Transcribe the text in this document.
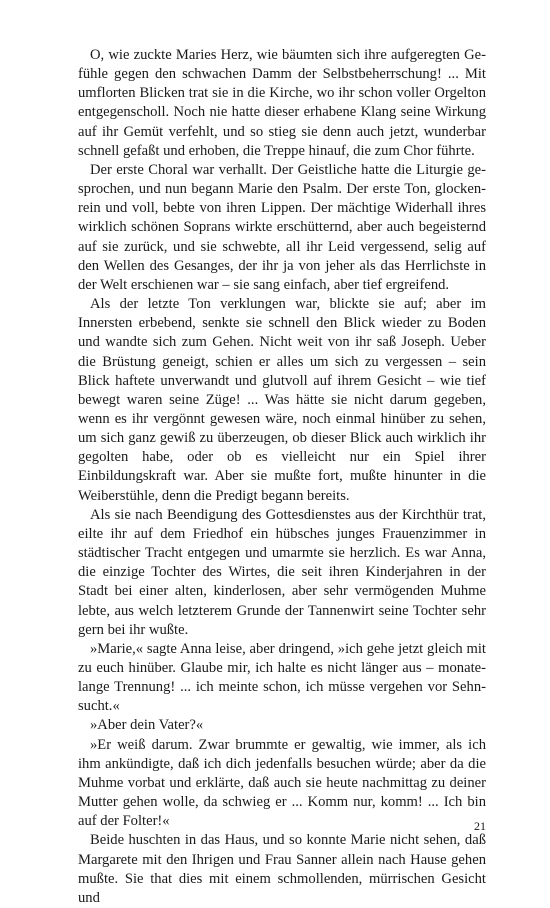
O, wie zuckte Maries Herz, wie bäumten sich ihre aufgeregten Gefühle gegen den schwachen Damm der Selbstbeherrschung! ... Mit umflorten Blicken trat sie in die Kirche, wo ihr schon voller Orgelton entgegenscholl. Noch nie hatte dieser erhabene Klang seine Wirkung auf ihr Gemüt verfehlt, und so stieg sie denn auch jetzt, wunderbar schnell gefaßt und erhoben, die Treppe hinauf, die zum Chor führte.

Der erste Choral war verhallt. Der Geistliche hatte die Liturgie gesprochen, und nun begann Marie den Psalm. Der erste Ton, glockenrein und voll, bebte von ihren Lippen. Der mächtige Widerhall ihres wirklich schönen Soprans wirkte erschütternd, aber auch begeisternd auf sie zurück, und sie schwebte, all ihr Leid vergessend, selig auf den Wellen des Gesanges, der ihr ja von jeher als das Herrlichste in der Welt erschienen war – sie sang einfach, aber tief ergreifend.

Als der letzte Ton verklungen war, blickte sie auf; aber im Innersten erbebend, senkte sie schnell den Blick wieder zu Boden und wandte sich zum Gehen. Nicht weit von ihr saß Joseph. Ueber die Brüstung geneigt, schien er alles um sich zu vergessen – sein Blick haftete unverwandt und glutvoll auf ihrem Gesicht – wie tief bewegt waren seine Züge! ... Was hätte sie nicht darum gegeben, wenn es ihr vergönnt gewesen wäre, noch einmal hinüber zu sehen, um sich ganz gewiß zu überzeugen, ob dieser Blick auch wirklich ihr gegolten habe, oder ob es vielleicht nur ein Spiel ihrer Einbildungskraft war. Aber sie mußte fort, mußte hinunter in die Weiberstühle, denn die Predigt begann bereits.

Als sie nach Beendigung des Gottesdienstes aus der Kirchthür trat, eilte ihr auf dem Friedhof ein hübsches junges Frauenzimmer in städtischer Tracht entgegen und umarmte sie herzlich. Es war Anna, die einzige Tochter des Wirtes, die seit ihren Kinderjahren in der Stadt bei einer alten, kinderlosen, aber sehr vermögenden Muhme lebte, aus welch letzterem Grunde der Tannenwirt seine Tochter sehr gern bei ihr wußte.

»Marie,« sagte Anna leise, aber dringend, »ich gehe jetzt gleich mit zu euch hinüber. Glaube mir, ich halte es nicht länger aus – monatelange Trennung! ... ich meinte schon, ich müsse vergehen vor Sehnsucht.«

»Aber dein Vater?«

»Er weiß darum. Zwar brummte er gewaltig, wie immer, als ich ihm ankündigte, daß ich dich jedenfalls besuchen würde; aber da die Muhme vorbat und erklärte, daß auch sie heute nachmittag zu deiner Mutter gehen wolle, da schwieg er ... Komm nur, komm! ... Ich bin auf der Folter!«

Beide huschten in das Haus, und so konnte Marie nicht sehen, daß Margarete mit den Ihrigen und Frau Sanner allein nach Hause gehen mußte. Sie that dies mit einem schmollenden, mürrischen Gesicht und

21
